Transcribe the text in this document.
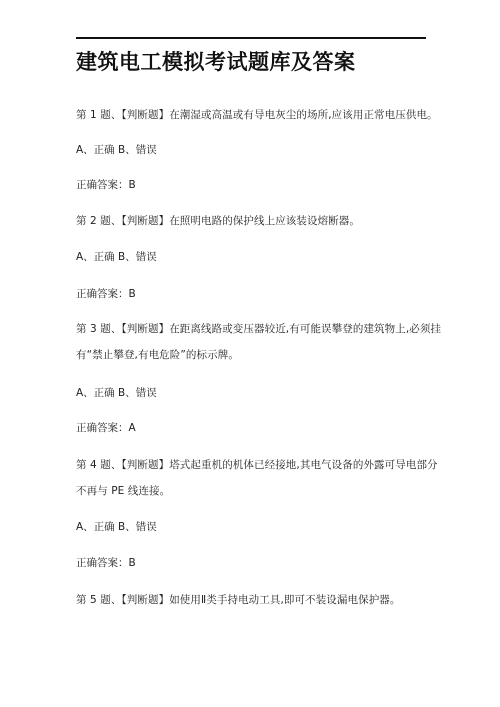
建筑电工模拟考试题库及答案
第 1 题、【判断题】在潮湿或高温或有导电灰尘的场所,应该用正常电压供电。
A、正确 B、错误
正确答案：B
第 2 题、【判断题】在照明电路的保护线上应该装设熔断器。
A、正确 B、错误
正确答案：B
第 3 题、【判断题】在距离线路或变压器较近,有可能误攀登的建筑物上,必须挂
有“禁止攀登,有电危险”的标示牌。
A、正确 B、错误
正确答案：A
第 4 题、【判断题】塔式起重机的机体已经接地,其电气设备的外露可导电部分
不再与 PE 线连接。
A、正确 B、错误
正确答案：B
第 5 题、【判断题】如使用Ⅱ类手持电动工具,即可不装设漏电保护器。
